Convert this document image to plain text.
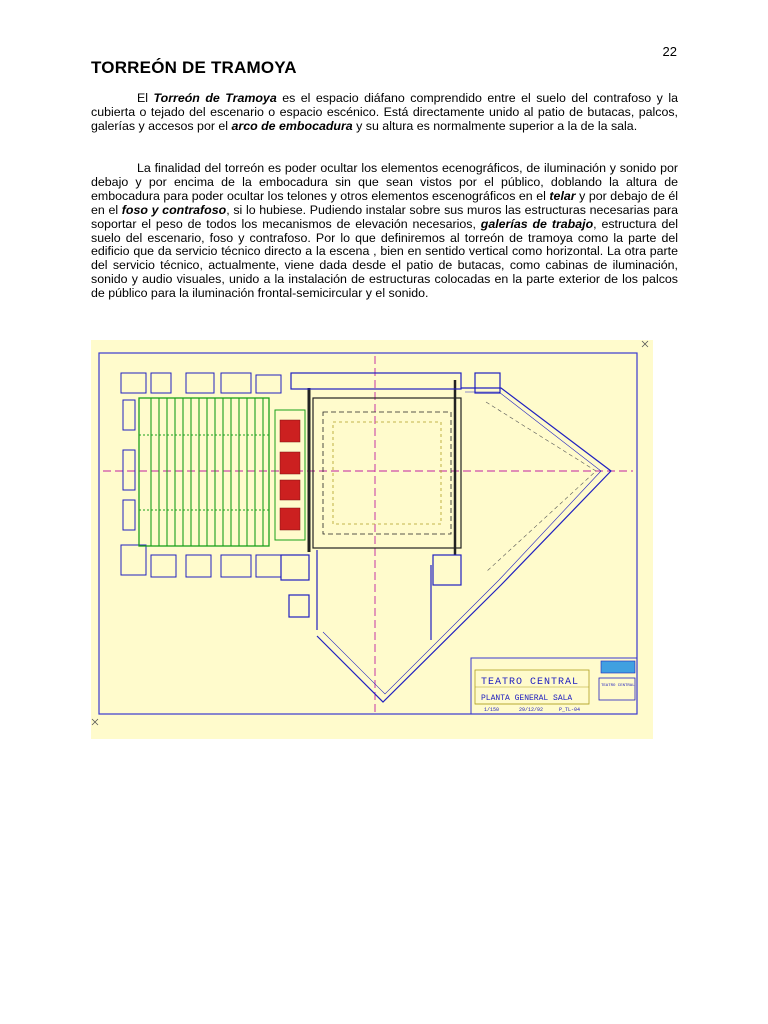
22
TORREÓN DE TRAMOYA

El Torreón de Tramoya es el espacio diáfano comprendido entre el suelo del contrafoso y la cubierta o tejado del escenario o espacio escénico. Está directamente unido al patio de butacas, palcos, galerías y accesos por el arco de embocadura y su altura es normalmente superior a la de la sala.

La finalidad del torreón es poder ocultar los elementos ecenográficos, de iluminación y sonido por debajo y por encima de la embocadura sin que sean vistos por el público, doblando la altura de embocadura para poder ocultar los telones y otros elementos escenográficos en el telar y por debajo de él en el foso y contrafoso, si lo hubiese. Pudiendo instalar sobre sus muros las estructuras necesarias para soportar el peso de todos los mecanismos de elevación necesarios, galerías de trabajo, estructura del suelo del escenario, foso y contrafoso. Por lo que definiremos al torreón de tramoya como la parte del edificio que da servicio técnico directo a la escena , bien en sentido vertical como horizontal. La otra parte del servicio técnico, actualmente, viene dada desde el patio de butacas, como cabinas de iluminación, sonido y audio visuales, unido a la instalación de estructuras colocadas en la parte exterior de los palcos de público para la iluminación frontal-semicircular y el sonido.

TEATRO CENTRAL
PLANTA GENERAL SALA
1/150	29/12/92	P_TL-04
TEATRO CENTRAL
